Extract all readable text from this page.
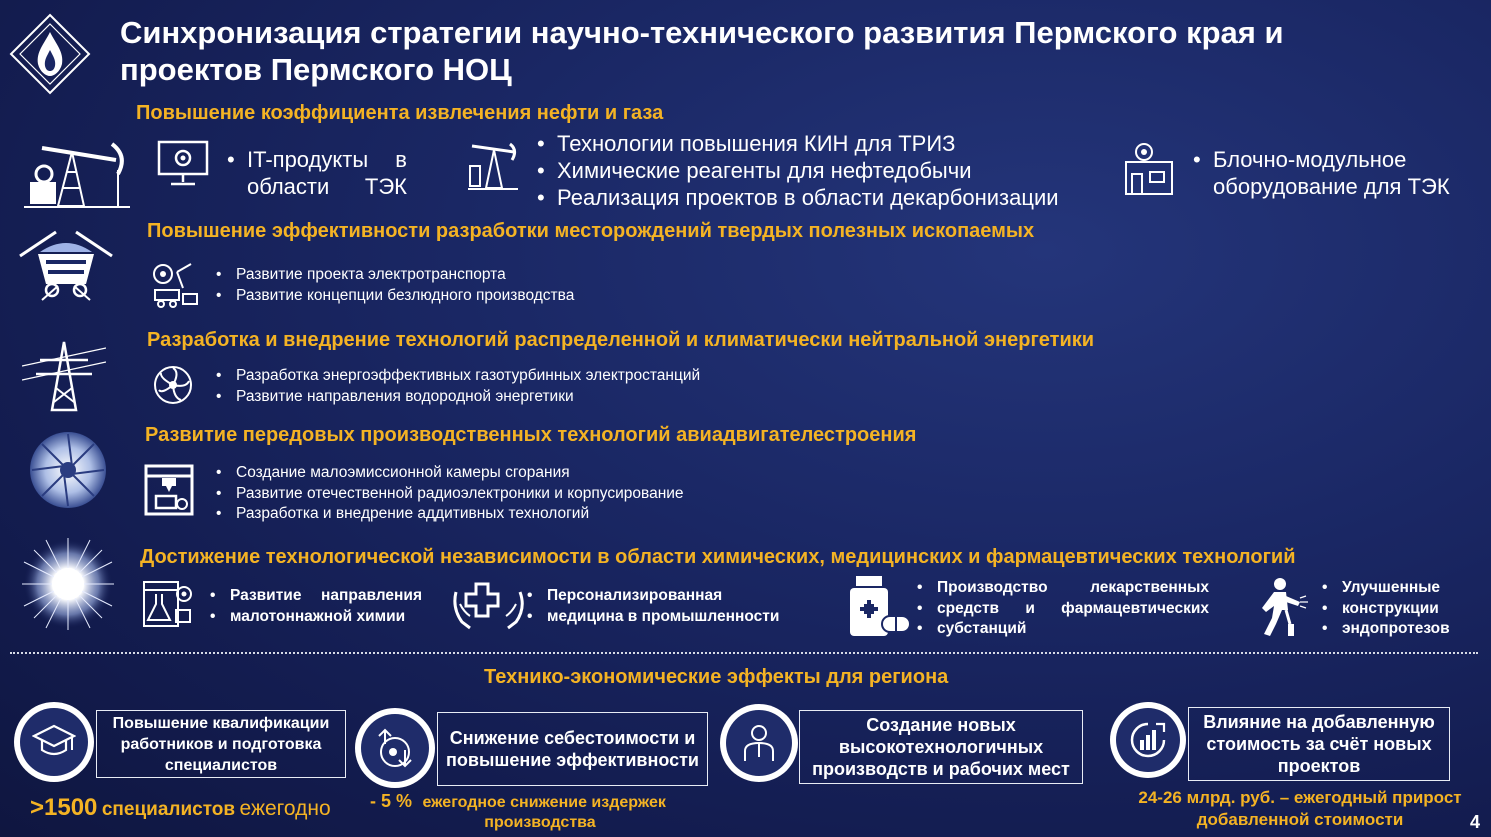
Синхронизация стратегии научно-технического развития Пермского края и проектов Пермского НОЦ
Повышение коэффициента извлечения нефти и газа
• IT-продукты в области ТЭК
• Технологии повышения КИН для ТРИЗ
• Химические реагенты для нефтедобычи
• Реализация проектов в области декарбонизации
• Блочно-модульное оборудование для ТЭК
Повышение эффективности разработки месторождений твердых полезных ископаемых
• Развитие проекта электротранспорта
• Развитие концепции безлюдного производства
Разработка и внедрение технологий распределенной и климатически нейтральной энергетики
• Разработка энергоэффективных газотурбинных электростанций
• Развитие направления водородной энергетики
Развитие передовых производственных технологий авиадвигателестроения
• Создание малоэмиссионной камеры сгорания
• Развитие отечественной радиоэлектроники и корпусирование
• Разработка и внедрение аддитивных технологий
Достижение технологической независимости в области химических, медицинских и фармацевтических технологий
• Развитие направления
• малотоннажной химии
• Персонализированная
• медицина в промышленности
• Производство лекарственных
• средств и фармацевтических
• субстанций
• Улучшенные
• конструкции
• эндопротезов
Технико-экономические эффекты для региона
Повышение квалификации работников и подготовка специалистов
>1500 специалистов ежегодно
Снижение себестоимости и повышение эффективности
- 5 % ежегодное снижение издержек
производства
Создание новых высокотехнологичных производств и рабочих мест
Влияние на добавленную стоимость за счёт новых проектов
24-26 млрд. руб. – ежегодный прирост
добавленной стоимости	4
